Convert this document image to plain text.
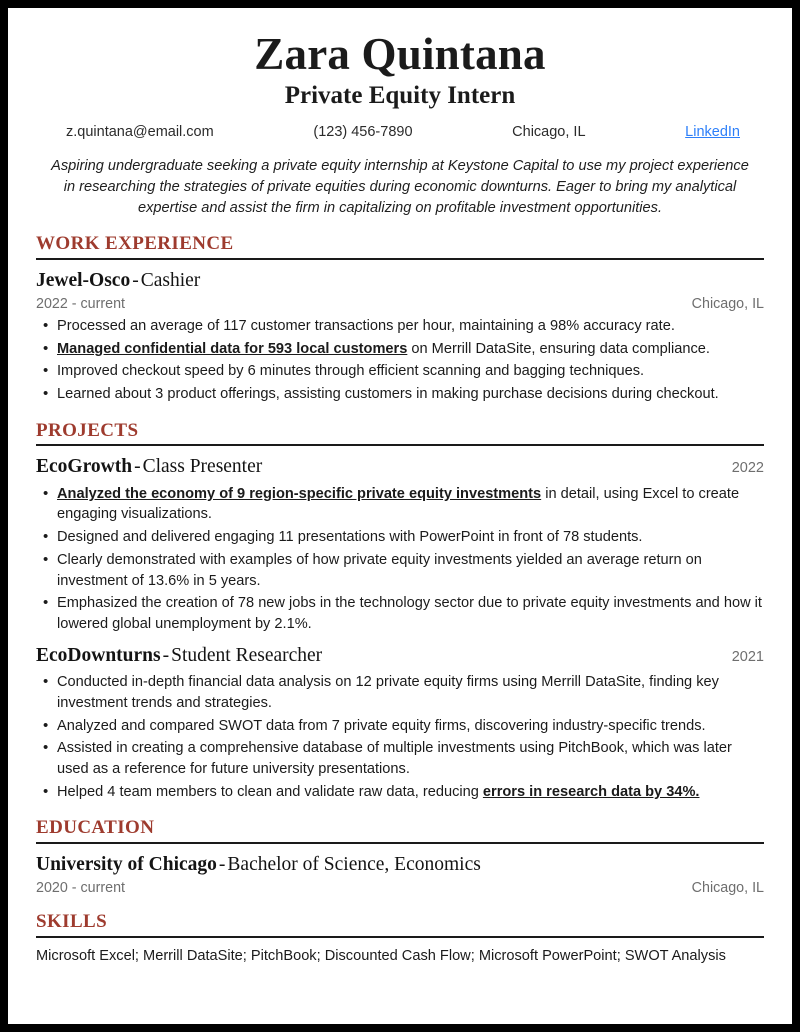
Zara Quintana
Private Equity Intern
z.quintana@email.com	(123) 456-7890	Chicago, IL	LinkedIn
Aspiring undergraduate seeking a private equity internship at Keystone Capital to use my project experience in researching the strategies of private equities during economic downturns. Eager to bring my analytical expertise and assist the firm in capitalizing on profitable investment opportunities.
WORK EXPERIENCE
Jewel-Osco - Cashier
2022 - current	Chicago, IL
• Processed an average of 117 customer transactions per hour, maintaining a 98% accuracy rate.
• Managed confidential data for 593 local customers on Merrill DataSite, ensuring data compliance.
• Improved checkout speed by 6 minutes through efficient scanning and bagging techniques.
• Learned about 3 product offerings, assisting customers in making purchase decisions during checkout.
PROJECTS
EcoGrowth - Class Presenter	2022
• Analyzed the economy of 9 region-specific private equity investments in detail, using Excel to create engaging visualizations.
• Designed and delivered engaging 11 presentations with PowerPoint in front of 78 students.
• Clearly demonstrated with examples of how private equity investments yielded an average return on investment of 13.6% in 5 years.
• Emphasized the creation of 78 new jobs in the technology sector due to private equity investments and how it lowered global unemployment by 2.1%.
EcoDownturns - Student Researcher	2021
• Conducted in-depth financial data analysis on 12 private equity firms using Merrill DataSite, finding key investment trends and strategies.
• Analyzed and compared SWOT data from 7 private equity firms, discovering industry-specific trends.
• Assisted in creating a comprehensive database of multiple investments using PitchBook, which was later used as a reference for future university presentations.
• Helped 4 team members to clean and validate raw data, reducing errors in research data by 34%.
EDUCATION
University of Chicago - Bachelor of Science, Economics
2020 - current	Chicago, IL
SKILLS
Microsoft Excel; Merrill DataSite; PitchBook; Discounted Cash Flow; Microsoft PowerPoint; SWOT Analysis
